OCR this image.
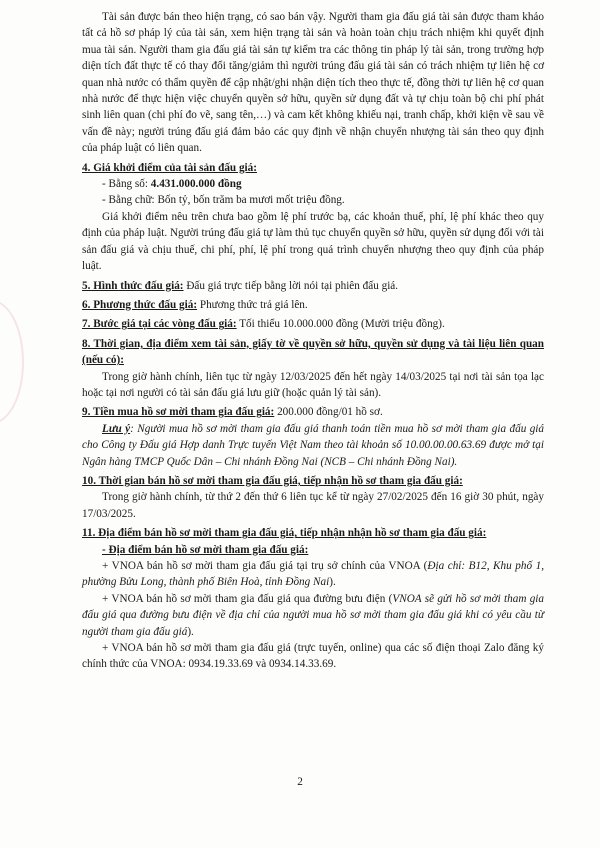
Tài sản được bán theo hiện trạng, có sao bán vậy. Người tham gia đấu giá tài sản được tham khảo tất cả hồ sơ pháp lý của tài sản, xem hiện trạng tài sản và hoàn toàn chịu trách nhiệm khi quyết định mua tài sản. Người tham gia đấu giá tài sản tự kiểm tra các thông tin pháp lý tài sản, trong trường hợp diện tích đất thực tế có thay đổi tăng/giảm thì người trúng đấu giá tài sản có trách nhiệm tự liên hệ cơ quan nhà nước có thẩm quyền để cập nhật/ghi nhận diện tích theo thực tế, đồng thời tự liên hệ cơ quan nhà nước để thực hiện việc chuyển quyền sở hữu, quyền sử dụng đất và tự chịu toàn bộ chi phí phát sinh liên quan (chi phí đo vẽ, sang tên,…) và cam kết không khiếu nại, tranh chấp, khởi kiện về sau về vấn đề này; người trúng đấu giá đảm bảo các quy định về nhận chuyển nhượng tài sản theo quy định của pháp luật có liên quan.

4. Giá khởi điểm của tài sản đấu giá:

- Bằng số: 4.431.000.000 đồng

- Bằng chữ: Bốn tỷ, bốn trăm ba mươi mốt triệu đồng.

Giá khởi điểm nêu trên chưa bao gồm lệ phí trước bạ, các khoản thuế, phí, lệ phí khác theo quy định của pháp luật. Người trúng đấu giá tự làm thủ tục chuyển quyền sở hữu, quyền sử dụng đối với tài sản đấu giá và chịu thuế, chi phí, phí, lệ phí trong quá trình chuyển nhượng theo quy định của pháp luật.

5. Hình thức đấu giá: Đấu giá trực tiếp bằng lời nói tại phiên đấu giá.

6. Phương thức đấu giá: Phương thức trả giá lên.

7. Bước giá tại các vòng đấu giá: Tối thiểu 10.000.000 đồng (Mười triệu đồng).

8. Thời gian, địa điểm xem tài sản, giấy tờ về quyền sở hữu, quyền sử dụng và tài liệu liên quan (nếu có):

Trong giờ hành chính, liên tục từ ngày 12/03/2025 đến hết ngày 14/03/2025 tại nơi tài sản tọa lạc hoặc tại nơi người có tài sản đấu giá lưu giữ (hoặc quản lý tài sản).

9. Tiền mua hồ sơ mời tham gia đấu giá: 200.000 đồng/01 hồ sơ.

Lưu ý: Người mua hồ sơ mời tham gia đấu giá thanh toán tiền mua hồ sơ mời tham gia đấu giá cho Công ty Đấu giá Hợp danh Trực tuyến Việt Nam theo tài khoản số 10.00.00.00.63.69 được mở tại Ngân hàng TMCP Quốc Dân – Chi nhánh Đồng Nai (NCB – Chi nhánh Đồng Nai).

10. Thời gian bán hồ sơ mời tham gia đấu giá, tiếp nhận hồ sơ tham gia đấu giá:

Trong giờ hành chính, từ thứ 2 đến thứ 6 liên tục kể từ ngày 27/02/2025 đến 16 giờ 30 phút, ngày 17/03/2025.

11. Địa điểm bán hồ sơ mời tham gia đấu giá, tiếp nhận nhận hồ sơ tham gia đấu giá:

- Địa điểm bán hồ sơ mời tham gia đấu giá:

+ VNOA bán hồ sơ mời tham gia đấu giá tại trụ sở chính của VNOA (Địa chỉ: B12, Khu phố 1, phường Bửu Long, thành phố Biên Hoà, tỉnh Đồng Nai).

+ VNOA bán hồ sơ mời tham gia đấu giá qua đường bưu điện (VNOA sẽ gửi hồ sơ mời tham gia đấu giá qua đường bưu điện về địa chỉ của người mua hồ sơ mời tham gia đấu giá khi có yêu cầu từ người tham gia đấu giá).

+ VNOA bán hồ sơ mời tham gia đấu giá (trực tuyến, online) qua các số điện thoại Zalo đăng ký chính thức của VNOA: 0934.19.33.69 và 0934.14.33.69.

2
